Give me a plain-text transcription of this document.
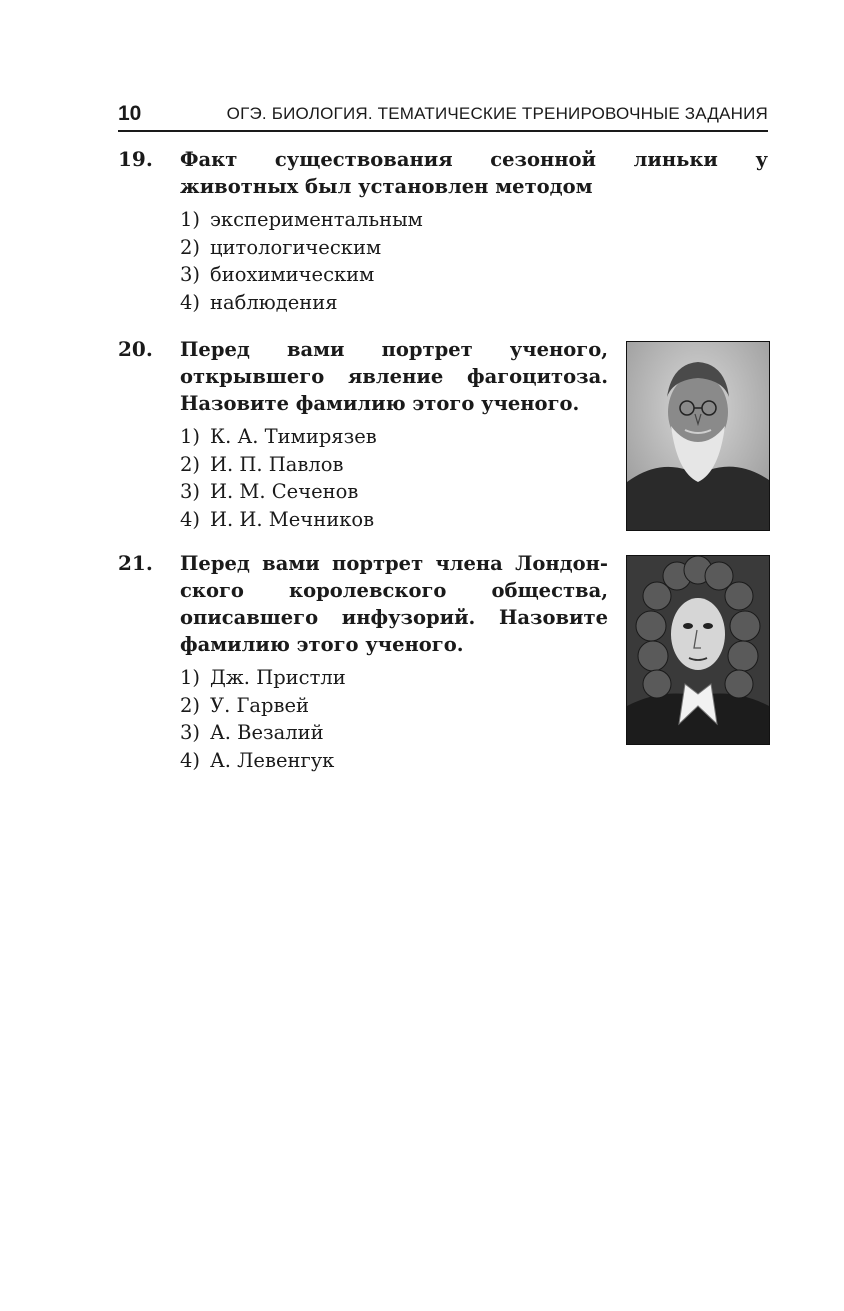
10	ОГЭ. БИОЛОГИЯ. ТЕМАТИЧЕСКИЕ ТРЕНИРОВОЧНЫЕ ЗАДАНИЯ
19. Факт существования сезонной линьки у животных был установлен методом
1) экспериментальным
2) цитологическим
3) биохимическим
4) наблюдения
20. Перед вами портрет ученого, открывшего явление фагоцитоза. Назовите фамилию этого ученого.
1) К. А. Тимирязев
2) И. П. Павлов
3) И. М. Сеченов
4) И. И. Мечников
21. Перед вами портрет члена Лондонского королевского общества, описавшего инфузорий. Назовите фамилию этого ученого.
1) Дж. Пристли
2) У. Гарвей
3) А. Везалий
4) А. Левенгук
